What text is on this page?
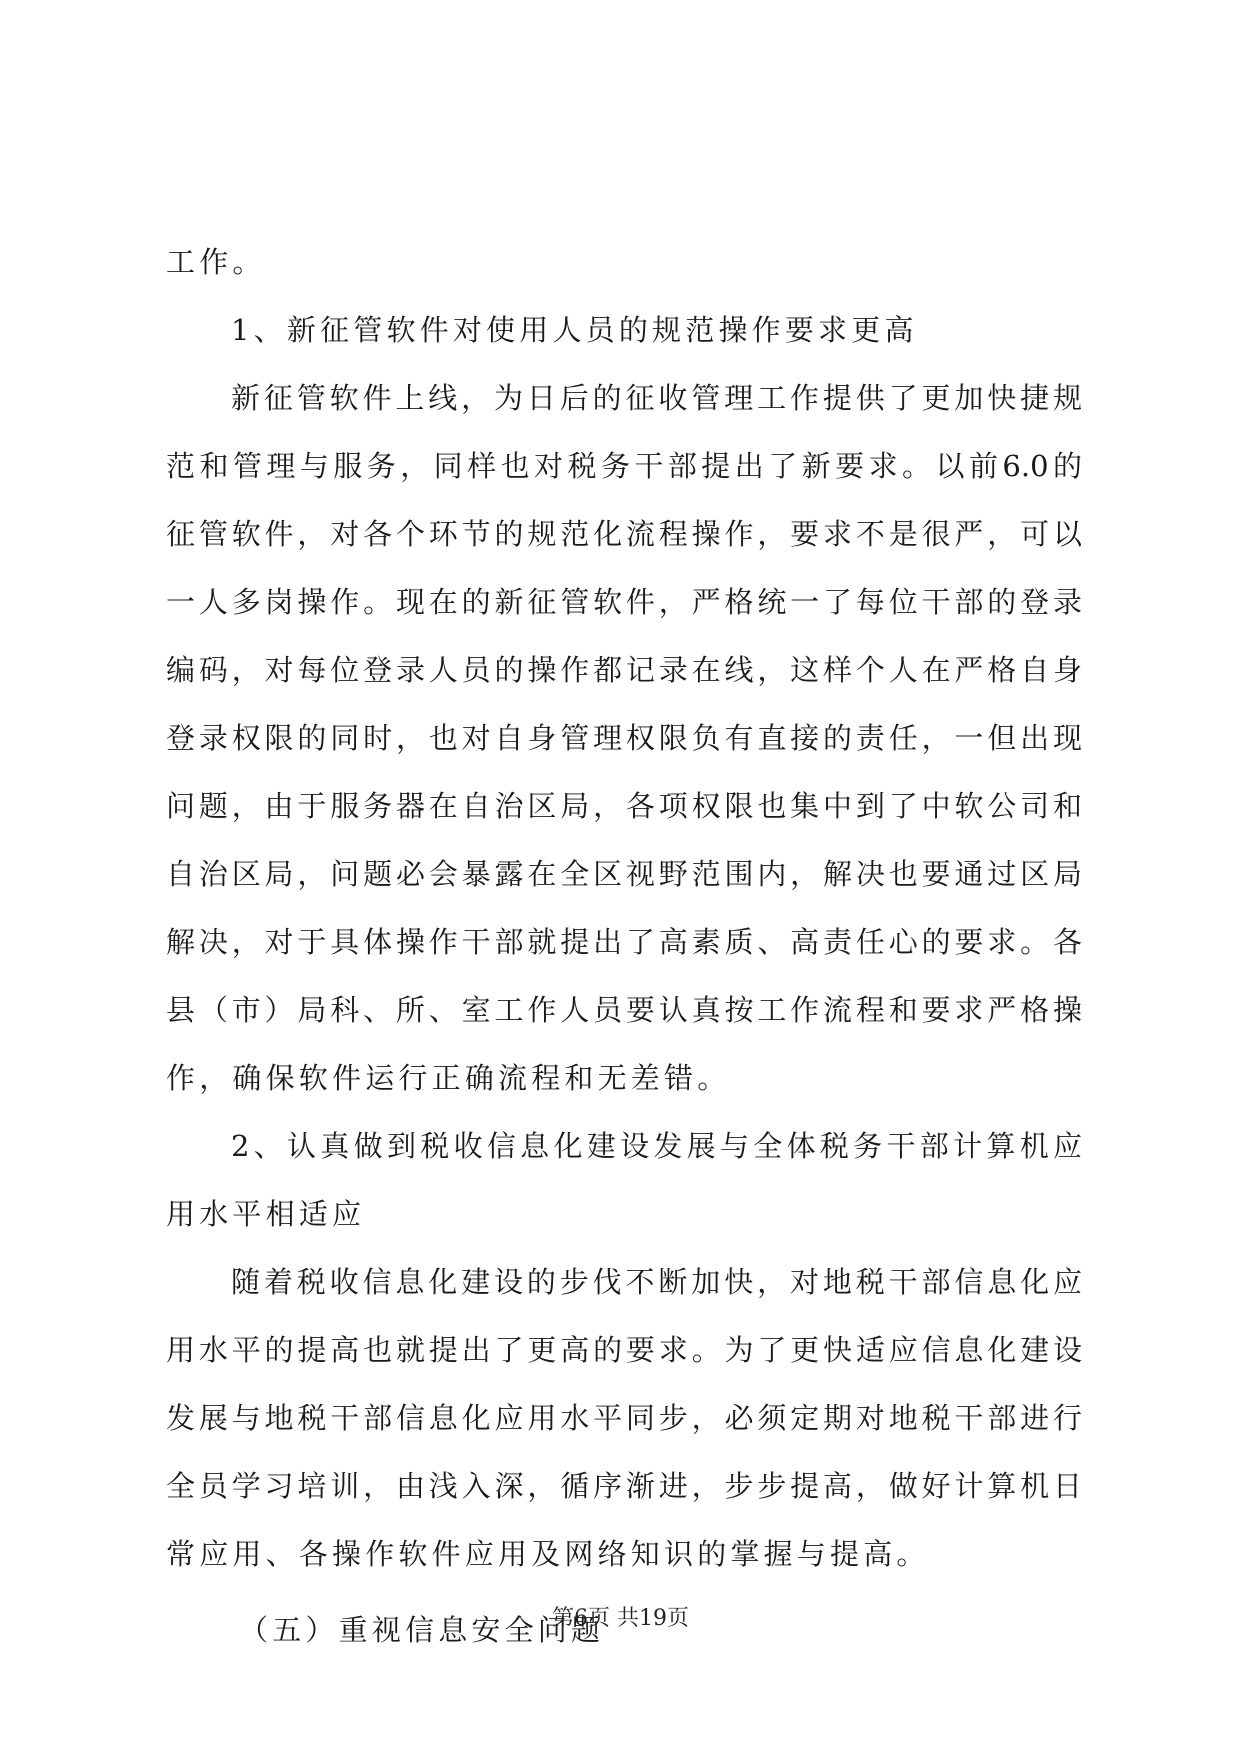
工作。
1、新征管软件对使用人员的规范操作要求更高
新征管软件上线，为日后的征收管理工作提供了更加快捷规
范和管理与服务，同样也对税务干部提出了新要求。以前6.0的
征管软件，对各个环节的规范化流程操作，要求不是很严，可以
一人多岗操作。现在的新征管软件，严格统一了每位干部的登录
编码，对每位登录人员的操作都记录在线，这样个人在严格自身
登录权限的同时，也对自身管理权限负有直接的责任，一但出现
问题，由于服务器在自治区局，各项权限也集中到了中软公司和
自治区局，问题必会暴露在全区视野范围内，解决也要通过区局
解决，对于具体操作干部就提出了高素质、高责任心的要求。各
县（市）局科、所、室工作人员要认真按工作流程和要求严格操
作，确保软件运行正确流程和无差错。
2、认真做到税收信息化建设发展与全体税务干部计算机应
用水平相适应
随着税收信息化建设的步伐不断加快，对地税干部信息化应
用水平的提高也就提出了更高的要求。为了更快适应信息化建设
发展与地税干部信息化应用水平同步，必须定期对地税干部进行
全员学习培训，由浅入深，循序渐进，步步提高，做好计算机日
常应用、各操作软件应用及网络知识的掌握与提高。
（五）重视信息安全问题
第6页 共19页
